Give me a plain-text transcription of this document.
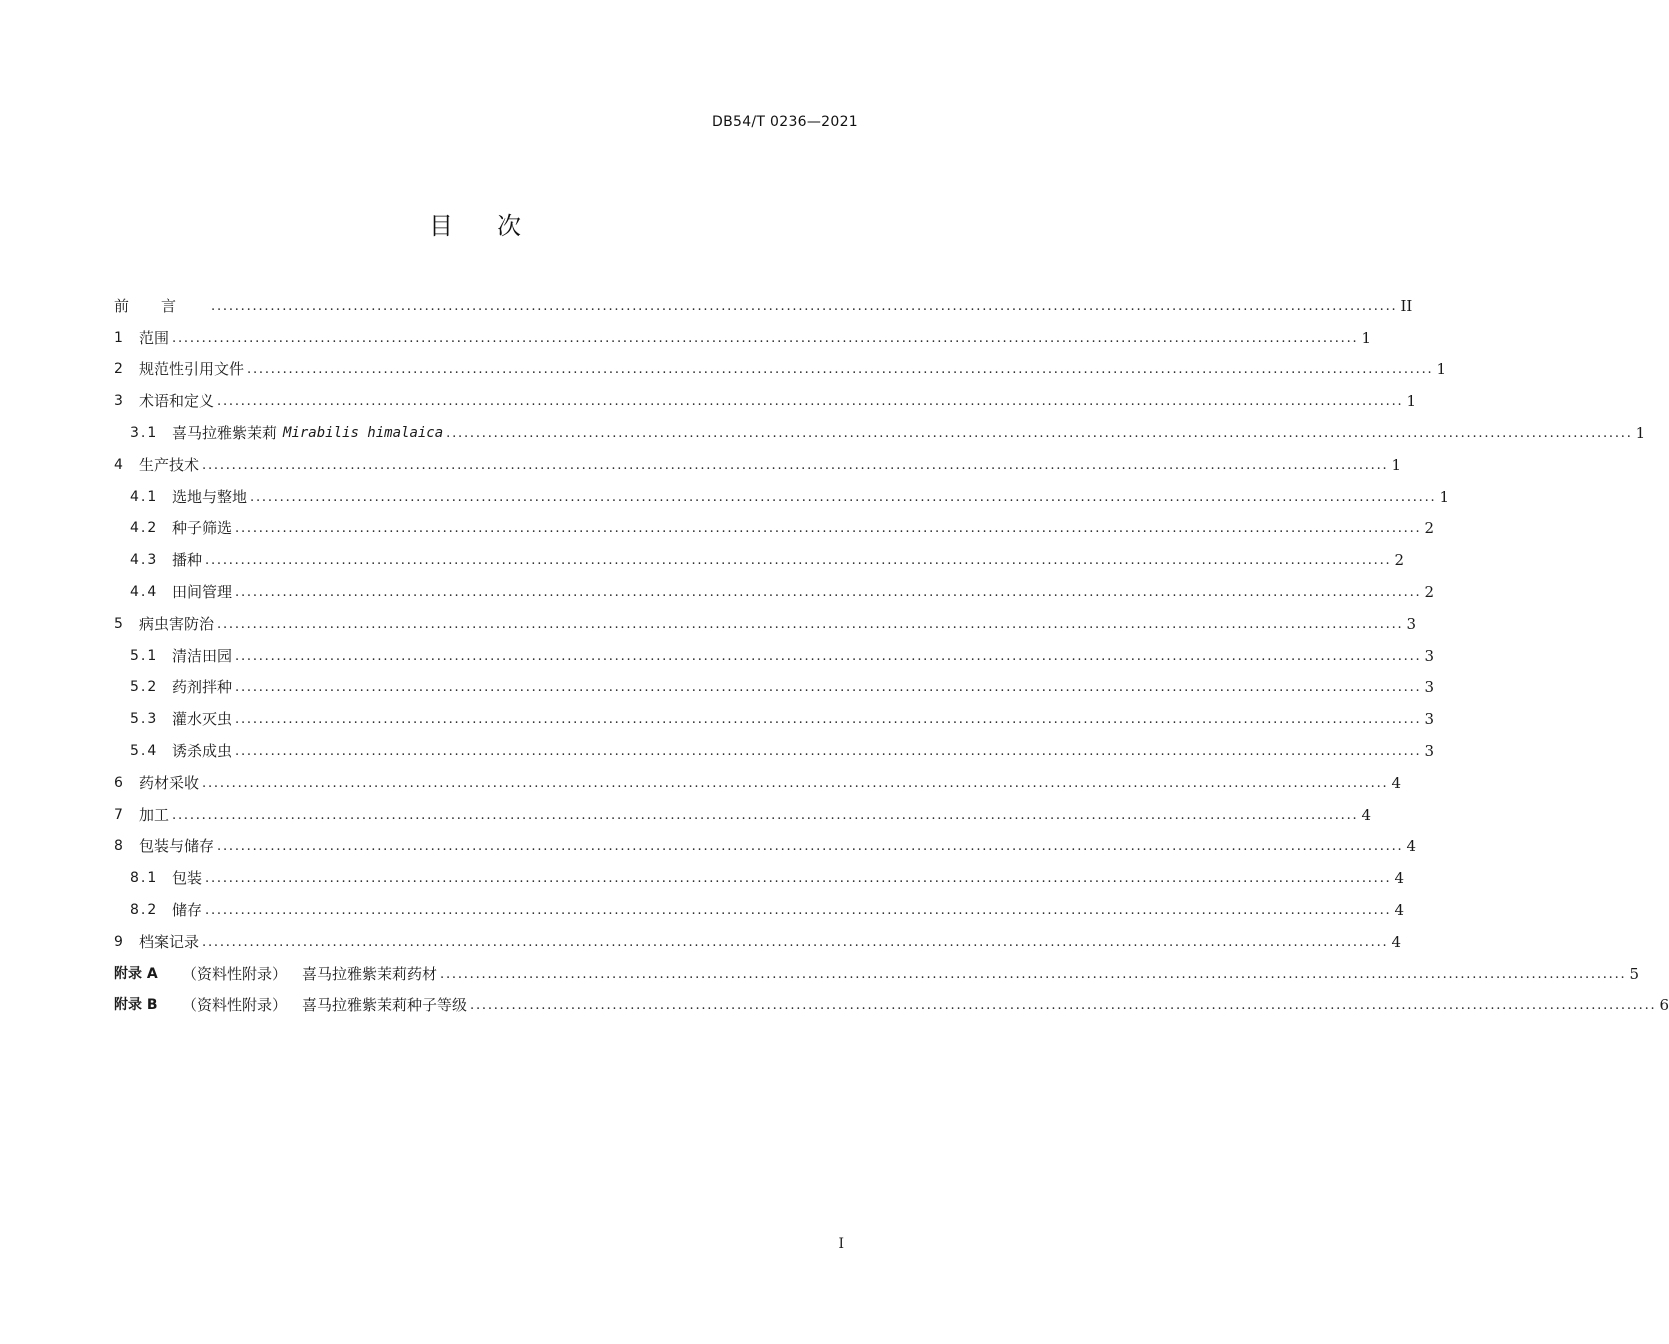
DB54/T 0236—2021
目次
前言 ........................................................................................................................................................................................................ II
1	范围 ........................................................................................................................................................................................................ 1
2	规范性引用文件 ........................................................................................................................................................................................................ 1
3	术语和定义 ........................................................................................................................................................................................................ 1
3.1 喜马拉雅紫茉莉 Mirabilis himalaica ........................................................................................................................................................................................................ 1
4	生产技术 ........................................................................................................................................................................................................ 1
4.1 选地与整地 ........................................................................................................................................................................................................ 1
4.2 种子筛选 ........................................................................................................................................................................................................ 2
4.3 播种 ........................................................................................................................................................................................................ 2
4.4 田间管理 ........................................................................................................................................................................................................ 2
5	病虫害防治 ........................................................................................................................................................................................................ 3
5.1 清洁田园 ........................................................................................................................................................................................................ 3
5.2 药剂拌种 ........................................................................................................................................................................................................ 3
5.3 灌水灭虫 ........................................................................................................................................................................................................ 3
5.4 诱杀成虫 ........................................................................................................................................................................................................ 3
6	药材采收 ........................................................................................................................................................................................................ 4
7	加工 ........................................................................................................................................................................................................ 4
8	包装与储存 ........................................................................................................................................................................................................ 4
8.1 包装 ........................................................................................................................................................................................................ 4
8.2 储存 ........................................................................................................................................................................................................ 4
9	档案记录 ........................................................................................................................................................................................................ 4
附录 A	（资料性附录） 喜马拉雅紫茉莉药材 ........................................................................................................................................................................................................ 5
附录 B	（资料性附录） 喜马拉雅紫茉莉种子等级 ........................................................................................................................................................................................................ 6
I
